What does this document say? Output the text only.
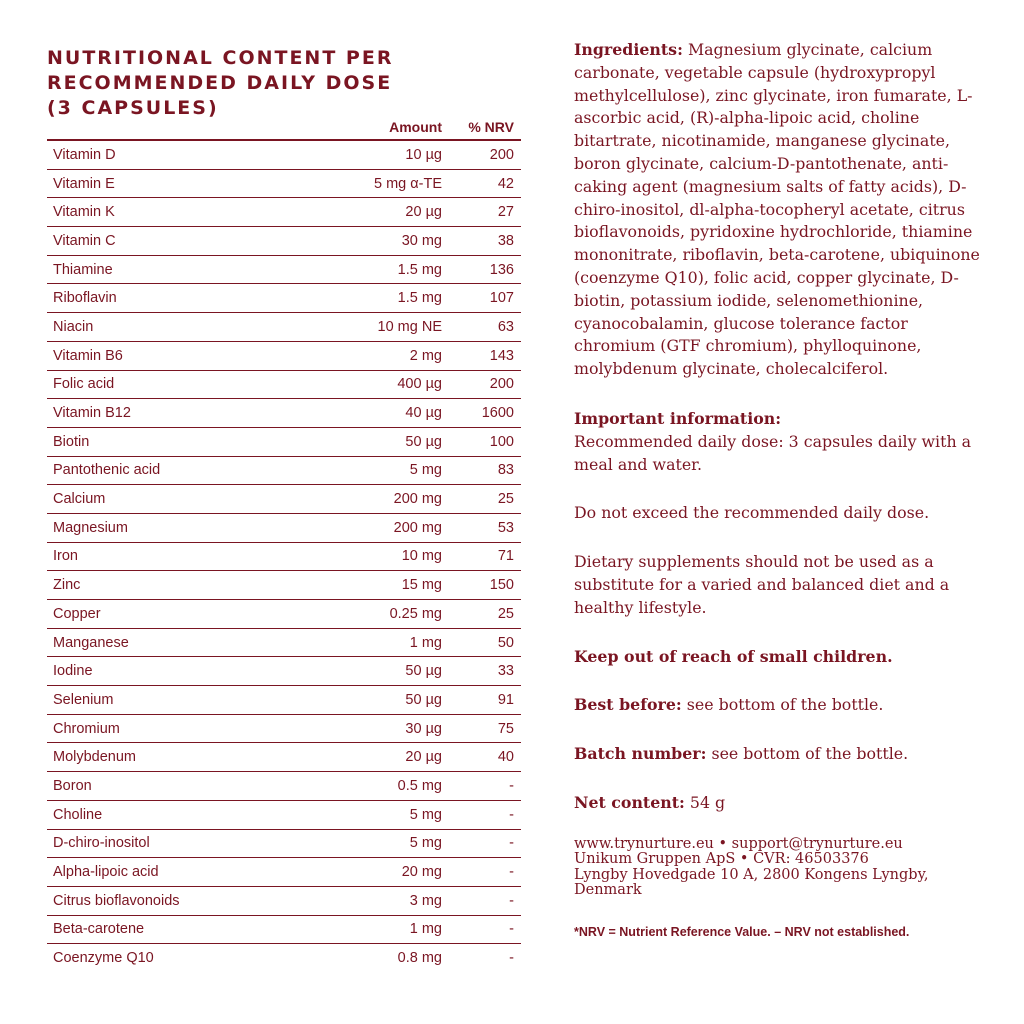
NUTRITIONAL CONTENT PER RECOMMENDED DAILY DOSE (3 CAPSULES)
	Amount	% NRV
Vitamin D	10 µg	200
Vitamin E	5 mg α-TE	42
Vitamin K	20 µg	27
Vitamin C	30 mg	38
Thiamine	1.5 mg	136
Riboflavin	1.5 mg	107
Niacin	10 mg NE	63
Vitamin B6	2 mg	143
Folic acid	400 µg	200
Vitamin B12	40 µg	1600
Biotin	50 µg	100
Pantothenic acid	5 mg	83
Calcium	200 mg	25
Magnesium	200 mg	53
Iron	10 mg	71
Zinc	15 mg	150
Copper	0.25 mg	25
Manganese	1 mg	50
Iodine	50 µg	33
Selenium	50 µg	91
Chromium	30 µg	75
Molybdenum	20 µg	40
Boron	0.5 mg	-
Choline	5 mg	-
D-chiro-inositol	5 mg	-
Alpha-lipoic acid	20 mg	-
Citrus bioflavonoids	3 mg	-
Beta-carotene	1 mg	-
Coenzyme Q10	0.8 mg	-

Ingredients: Magnesium glycinate, calcium carbonate, vegetable capsule (hydroxypropyl methylcellulose), zinc glycinate, iron fumarate, L-ascorbic acid, (R)-alpha-lipoic acid, choline bitartrate, nicotinamide, manganese glycinate, boron glycinate, calcium-D-pantothenate, anti-caking agent (magnesium salts of fatty acids), D-chiro-inositol, dl-alpha-tocopheryl acetate, citrus bioflavonoids, pyridoxine hydrochloride, thiamine mononitrate, riboflavin, beta-carotene, ubiquinone (coenzyme Q10), folic acid, copper glycinate, D-biotin, potassium iodide, selenomethionine, cyanocobalamin, glucose tolerance factor chromium (GTF chromium), phylloquinone, molybdenum glycinate, cholecalciferol.

Important information:

Recommended daily dose: 3 capsules daily with a meal and water.

Do not exceed the recommended daily dose.

Dietary supplements should not be used as a substitute for a varied and balanced diet and a healthy lifestyle.

Keep out of reach of small children.

Best before: see bottom of the bottle.

Batch number: see bottom of the bottle.

Net content: 54 g

www.trynurture.eu • support@trynurture.eu
Unikum Gruppen ApS • CVR: 46503376
Lyngby Hovedgade 10 A, 2800 Kongens Lyngby, Denmark

*NRV = Nutrient Reference Value. – NRV not established.
